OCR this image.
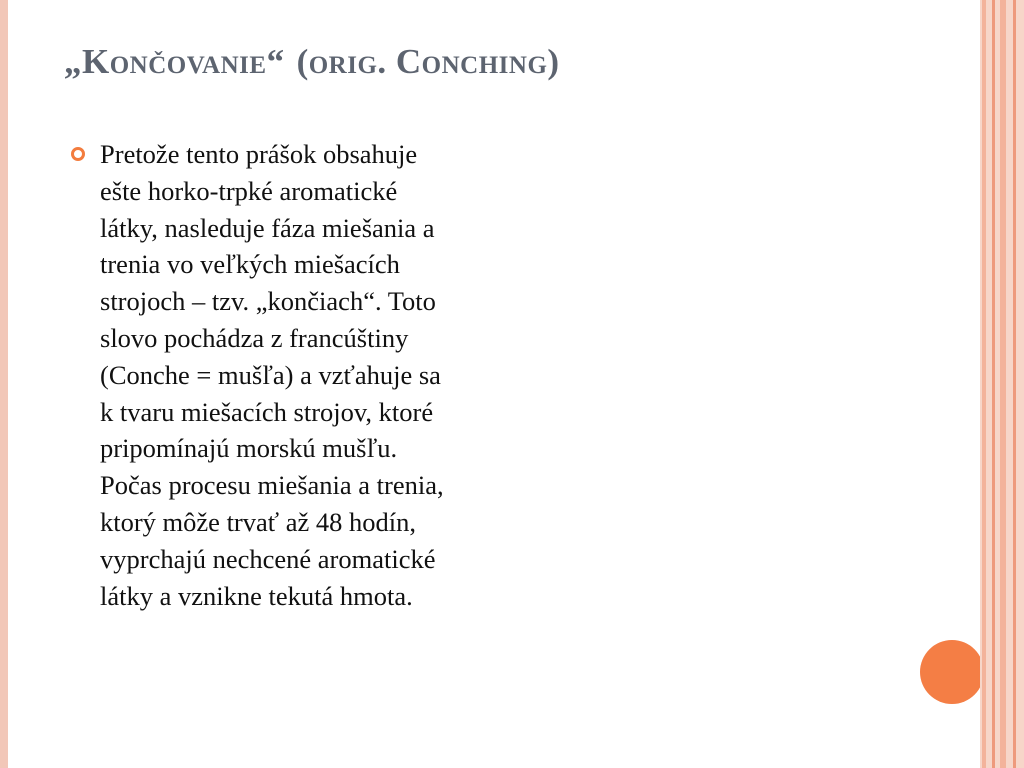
„Končovanie“ (orig. Conching)

Pretože tento prášok obsahuje
ešte horko-trpké aromatické
látky, nasleduje fáza miešania a
trenia vo veľkých miešacích
strojoch – tzv. „končiach“. Toto
slovo pochádza z francúštiny
(Conche = mušľa) a vzťahuje sa
k tvaru miešacích strojov, ktoré
pripomínajú morskú mušľu.
Počas procesu miešania a trenia,
ktorý môže trvať až 48 hodín,
vyprchajú nechcené aromatické
látky a vznikne tekutá hmota.
